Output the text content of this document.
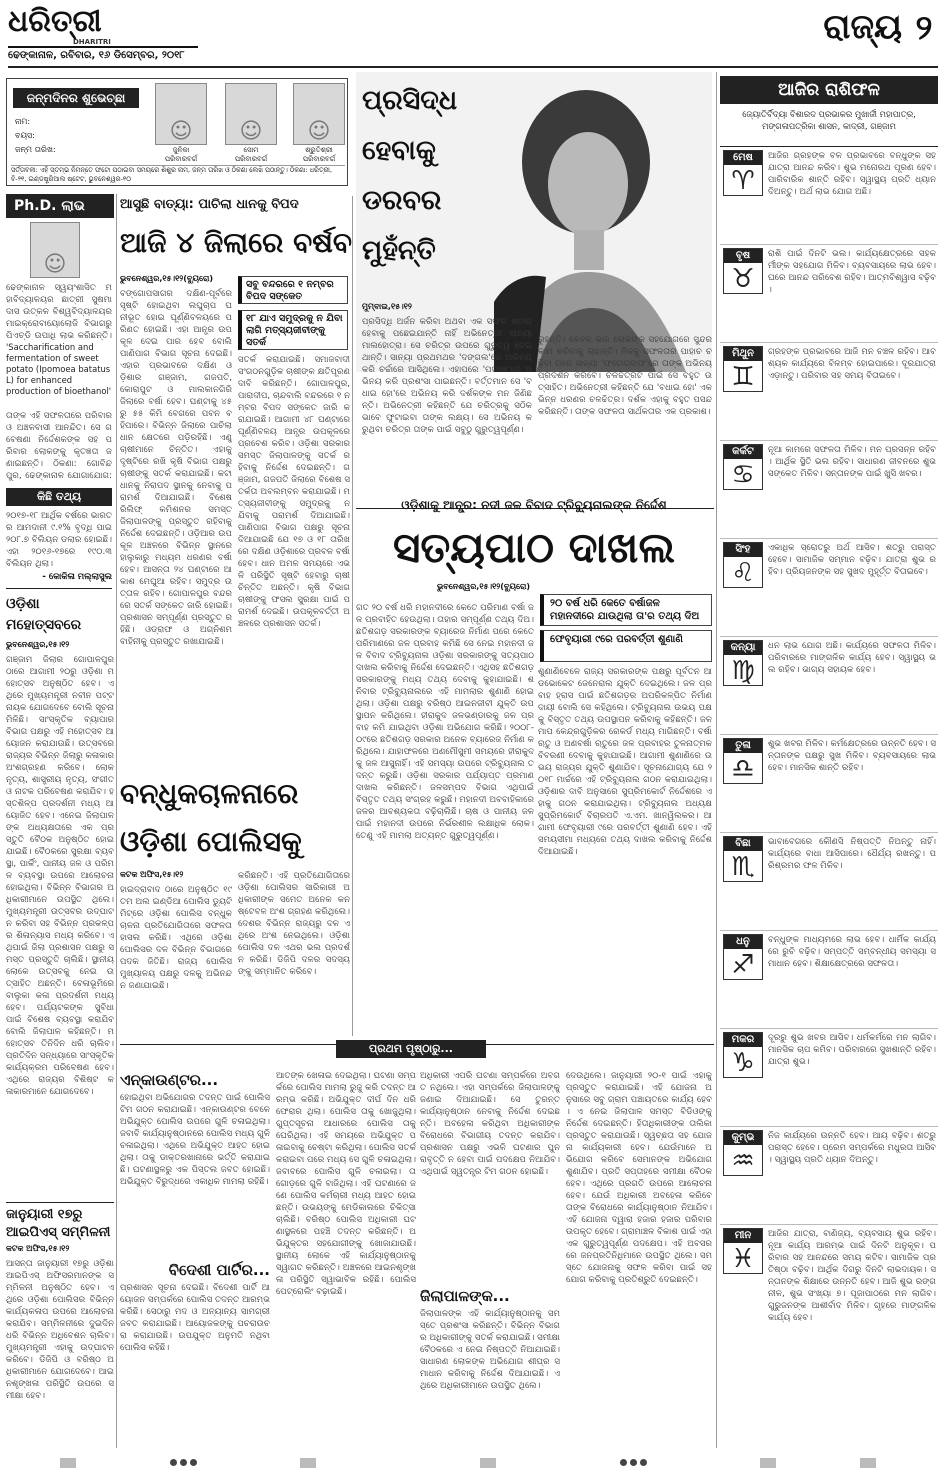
ଧରିତ୍ରୀ
DHARITRI
ଢେଙ୍କାନାଳ, ରବିବାର, ୧୬ ଡିସେମ୍ବର, ୨୦୧୮
ରାଜ୍ୟ ୨
ଜନ୍ମଦିନର ଶୁଭେଚ୍ଛା
ନାମ:
ବୟସ:
ଜନ୍ମ ତାରିଖ:
☺ ☺ ☺
ଜୁନିକା
ପରିବାରବର୍ଗ
ସୋମ
ପରିବାରବର୍ଗ
ଶ୍ରୁତିଶ୍ରୀ
ପରିବାରବର୍ଗ
ସର୍ତ୍ତାବଳୀ: ଏହି ସ୍ତମ୍ଭ ନିମନ୍ତେ ଫଟୋ ପଠାଇବା ସମୟରେ ଶିଶୁର ନାମ, ଜନ୍ମ ତାରିଖ ଓ ଠିକଣା ଲେଖି ପଠାନ୍ତୁ। ଠିକଣା: ଧରିତ୍ରୀ, ବି-୨୧, ଇଣ୍ଡଷ୍ଟ୍ରିଆଲ ଷ୍ଟେଟ, ଭୁବନେଶ୍ୱର-୧୦
Ph.D. ଲାଭ
☺
ଢେଙ୍କାନାଳ ସ୍ୱୟଂଶାସିତ ମହାବିଦ୍ୟାଳୟର ଛାତ୍ରୀ ସୁଷମା ଦାସ ଉତ୍କଳ ବିଶ୍ୱବିଦ୍ୟାଳୟର ମାଇକ୍ରୋବାୟୋଲୋଜି ବିଭାଗରୁ ପିଏଚ୍‌ଡି ଉପାଧି ଲାଭ କରିଛନ୍ତି।
'Saccharification and fermentation of sweet potato (Ipomoea batatus L) for enhanced production of bioethanol'
ତାଙ୍କ ଏହି ସଫଳତାରେ ପରିବାର ଓ ଅଞ୍ଚଳବାସୀ ଆନନ୍ଦିତ। ସେ ଗବେଷଣା ନିର୍ଦ୍ଦେଶକଙ୍କ ସହ ପରିବାର ଲୋକଙ୍କୁ କୃତଜ୍ଞତା ଜଣାଇଛନ୍ତି। ଠିକଣା: ଗୋବିନ୍ଦପୁର, ଢେଙ୍କାନାଳ ଯୋଗାଯୋଗ:
କିଛି ତଥ୍ୟ
୨୦୧୭-୧୮ ଆର୍ଥିକ ବର୍ଷରେ ଭାରତର ଆମଦାନୀ ୯.୧% ବୃଦ୍ଧି ପାଇ ୨୦୮.୭ ବିଲିୟନ ଡଲାର ହୋଇଛି। ଏହା ୨୦୧୬-୧୭ରେ ୧୯୦.୩ ବିଲିୟନ ଥିଲା।
- କୋକିଳା ମଲ୍ଲାସୁଲ
ଓଡ଼ିଶା ମହୋତ୍ସବରେ
ଭୁବନେଶ୍ୱର,୧୫।୧୨
ଗଞ୍ଜାମ ଜିଲାର ଗୋପାଳପୁରଠାରେ ଆଗାମୀ ୨୦ରୁ ଓଡ଼ିଶା ମହୋତ୍ସବ ଅନୁଷ୍ଠିତ ହେବ। ଏଥିରେ ମୁଖ୍ୟମନ୍ତ୍ରୀ ନବୀନ ପଟ୍ଟନାୟକ ଯୋଗଦେବେ ବୋଲି ସୂଚନା ମିଳିଛି। ସାଂସ୍କୃତିକ ବ୍ୟାପାର ବିଭାଗ ପକ୍ଷରୁ ଏହି ମହୋତ୍ସବ ଆୟୋଜନ କରାଯାଉଛି। ଉତ୍ସବରେ ରାଜ୍ୟର ବିଭିନ୍ନ ଜିଲାରୁ କଳାକାର ଅଂଶଗ୍ରହଣ କରିବେ। ଲୋକନୃତ୍ୟ, ଶାସ୍ତ୍ରୀୟ ନୃତ୍ୟ, ସଂଗୀତ ଓ ନାଟକ ପରିବେଷଣ କରାଯିବ। ହସ୍ତଶିଳ୍ପ ପ୍ରଦର୍ଶନୀ ମଧ୍ୟ ଆୟୋଜିତ ହେବ। ଏନେଇ ଜିଲାପାଳଙ୍କ ଅଧ୍ୟକ୍ଷତାରେ ଏକ ପ୍ରସ୍ତୁତି ବୈଠକ ଅନୁଷ୍ଠିତ ହୋଇଯାଇଛି। ବୈଠକରେ ସୁରକ୍ଷା ବ୍ୟବସ୍ଥା, ପାର୍କିଂ, ପାନୀୟ ଜଳ ଓ ପରିମଳ ବ୍ୟବସ୍ଥା ଉପରେ ଆଲୋଚନା ହୋଇଥିଲା। ବିଭିନ୍ନ ବିଭାଗର ଅଧିକାରୀମାନେ ଉପସ୍ଥିତ ଥିଲେ। ମୁଖ୍ୟମନ୍ତ୍ରୀ ଉତ୍ସବର ଉଦ୍‌ଘାଟନ କରିବା ସହ ବିଭିନ୍ନ ପ୍ରକଳ୍ପର ଶିଳାନ୍ୟାସ ମଧ୍ୟ କରିବେ। ଏଥିପାଇଁ ଜିଲା ପ୍ରଶାସନ ପକ୍ଷରୁ ସମସ୍ତ ପ୍ରସ୍ତୁତି ଚାଲିଛି। ସ୍ଥାନୀୟ ଲୋକେ ଉତ୍ସବକୁ ନେଇ ଉତ୍ସାହିତ ଅଛନ୍ତି। ବେଳାଭୂମିରେ ବାଲୁକା କଳା ପ୍ରଦର୍ଶନୀ ମଧ୍ୟ ହେବ। ପର୍ଯ୍ୟଟକଙ୍କ ସୁବିଧା ପାଇଁ ବିଶେଷ ବ୍ୟବସ୍ଥା କରାଯିବ ବୋଲି ଜିଲାପାଳ କହିଛନ୍ତି। ମହୋତ୍ସବ ତିନିଦିନ ଧରି ଚାଲିବ। ପ୍ରତିଦିନ ସନ୍ଧ୍ୟାରେ ସାଂସ୍କୃତିକ କାର୍ଯ୍ୟକ୍ରମ ପରିବେଷଣ ହେବ। ଏଥିରେ ରାଜ୍ୟର ବିଶିଷ୍ଟ କଳାକାରମାନେ ଯୋଗଦେବେ।
ଜାନୁୟାରୀ ୧୭ରୁ ଆଇପିଏସ୍ ସମ୍ମିଳନୀ
କଟକ ଅଫିସ,୧୫।୧୨
ଆସନ୍ତା ଜାନୁୟାରୀ ୧୭ରୁ ଓଡ଼ିଶା ଆଇପିଏସ୍ ଅଫିସରମାନଙ୍କ ସମ୍ମିଳନୀ ଅନୁଷ୍ଠିତ ହେବ। ଏଥିରେ ଓଡ଼ିଶା ପୋଲିସର ବିଭିନ୍ନ କାର୍ଯ୍ୟକଳାପ ଉପରେ ଆଲୋଚନା କରାଯିବ। ସମ୍ମିଳନୀରେ ଦୁଇଦିନ ଧରି ବିଭିନ୍ନ ଅଧିବେଶନ ଚାଲିବ। ମୁଖ୍ୟମନ୍ତ୍ରୀ ଏହାକୁ ଉଦ୍‌ଘାଟନ କରିବେ। ଡିଜିପି ଓ ବରିଷ୍ଠ ଅଧିକାରୀମାନେ ଯୋଗଦେବେ। ଆଇନଶୃଙ୍ଖଳା ପରିସ୍ଥିତି ଉପରେ ସମୀକ୍ଷା ହେବ।
ଆସୁଛି ବାତ୍ୟା: ପାଚିଲା ଧାନକୁ ବିପଦ
ଆଜି ୪ ଜିଲାରେ ବର୍ଷବ
ଭୁବନେଶ୍ୱର,୧୫।୧୨(ବ୍ୟୁରୋ)
ବଙ୍ଗୋପସାଗର ଦକ୍ଷିଣ-ପୂର୍ବରେ ସୃଷ୍ଟି ହୋଇଥିବା ଲଘୁଚାପ ଘନୀଭୂତ ହୋଇ ଘୂର୍ଣ୍ଣିବଳୟରେ ପରିଣତ ହୋଇଛି। ଏହା ଆନ୍ଧ୍ର ଉପକୂଳ ଦେଇ ପାର ହେବ ବୋଲି ପାଣିପାଗ ବିଭାଗ ସୂଚନା ଦେଇଛି। ଏହାର ପ୍ରଭାବରେ ଦକ୍ଷିଣ ଓଡ଼ିଶାର ଗଞ୍ଜାମ, ଗଜପତି, କୋରାପୁଟ ଓ ମାଲକାନଗିରି ଜିଲାରେ ବର୍ଷା ହେବ। ଘଣ୍ଟାକୁ ୪୫ ରୁ ୫୫ କିମି ବେଗରେ ପବନ ବହିପାରେ। ବିଭିନ୍ନ ଜିଲାରେ ପାଚିଲା ଧାନ କ୍ଷେତରେ ପଡ଼ିରହିଛି। ଏଣୁ ଚାଷୀମାନେ ଚିନ୍ତିତ। ଏହାକୁ ଦୃଷ୍ଟିରେ ରଖି କୃଷି ବିଭାଗ ପକ୍ଷରୁ ଚାଷୀଙ୍କୁ ସତର୍କ କରାଯାଇଛି। କଟା ଧାନକୁ ନିରାପଦ ସ୍ଥାନକୁ ନେବାକୁ ପରାମର୍ଶ ଦିଆଯାଇଛି। ବିଶେଷ ରିଲିଫ୍ କମିଶନର ସମସ୍ତ ଜିଲାପାଳଙ୍କୁ ପ୍ରସ୍ତୁତ ରହିବାକୁ ନିର୍ଦ୍ଦେଶ ଦେଇଛନ୍ତି। ଓଡ଼ିଆର ଉପକୂଳ ଅଞ୍ଚଳରେ ବିଭିନ୍ନ ସ୍ଥାନରେ ହାଲୁକାରୁ ମଧ୍ୟମ ଧରଣର ବର୍ଷା ହେବ। ଆସନ୍ତା ୨୪ ଘଣ୍ଟାରେ ଆକାଶ ମେଘୁଆ ରହିବ। ସମୁଦ୍ର ଉତ୍ତାଳ ରହିବ। ଗୋପାଳପୁର ବନ୍ଦରରେ ସତର୍କ ସଙ୍କେତ ଜାରି ହୋଇଛି। ପ୍ରଶାସନ ସମ୍ପୂର୍ଣ୍ଣ ପ୍ରସ୍ତୁତ ରହିଛି। ଓଡ୍ରାଫ ଓ ଅଗ୍ନିଶମ ବାହିନୀକୁ ପ୍ରସ୍ତୁତ ରଖାଯାଇଛି।
ସବୁ ବନ୍ଦରରେ ୧ ନମ୍ବର ବିପଦ ସଙ୍କେତ
୧୮ ଯାଏ ସମୁଦ୍ରକୁ ନ ଯିବା ଲାଗି ମତ୍ସ୍ୟଜୀବୀଙ୍କୁ ସତର୍କ
ସତର୍କ କରାଯାଇଛି। ସମାଜବାଦୀ ସଂଗଠନଗୁଡ଼ିକ ଚାଷୀଙ୍କ କ୍ଷତିପୂରଣ ଦାବି କରିଛନ୍ତି। ଗୋପାଳପୁର, ପାରାଦୀପ, ଚାନ୍ଦବାଲି ବନ୍ଦରରେ ୧ ନମ୍ବର ବିପଦ ସଙ୍କେତ ଜାରି କରାଯାଇଛି। ଆଗାମୀ ୪୮ ଘଣ୍ଟାରେ ଘୂର୍ଣ୍ଣିବଳୟ ଆନ୍ଧ୍ର ଉପକୂଳରେ ପ୍ରବେଶ କରିବ। ଓଡ଼ିଶା ସରକାର ସମସ୍ତ ଜିଲାପାଳଙ୍କୁ ସତର୍କ ରହିବାକୁ ନିର୍ଦ୍ଦେଶ ଦେଇଛନ୍ତି। ଗଞ୍ଜାମ, ଗଜପତି ଜିଲାରେ ବିଶେଷ ସତର୍କତା ଅବଲମ୍ବନ କରାଯାଇଛି। ମତ୍ସ୍ୟଜୀବୀଙ୍କୁ ସମୁଦ୍ରକୁ ନ ଯିବାକୁ ପରାମର୍ଶ ଦିଆଯାଇଛି। ପାଣିପାଗ ବିଭାଗ ପକ୍ଷରୁ ସୂଚନା ଦିଆଯାଇଛି ଯେ ୧୭ ଓ ୧୮ ତାରିଖରେ ଦକ୍ଷିଣ ଓଡ଼ିଶାରେ ପ୍ରବଳ ବର୍ଷା ହେବ। ଧାନ ଅମଳ ସମୟରେ ଏଭଳି ପରିସ୍ଥିତି ସୃଷ୍ଟି ହେବାରୁ ଚାଷୀ ଚିନ୍ତିତ ଅଛନ୍ତି। କୃଷି ବିଭାଗ ଚାଷୀଙ୍କୁ ଫସଲ ସୁରକ୍ଷା ପାଇଁ ପରାମର୍ଶ ଦେଇଛି। ଉପକୂଳବର୍ତ୍ତୀ ଅଞ୍ଚଳରେ ପ୍ରଶାସନ ସତର୍କ।
ପ୍ରସିଦ୍ଧ ହେବାକୁ ଡରବର ମୁହଁନ୍ତି
ମୁମ୍ବାଇ,୧୫।୧୨
ପ୍ରସିଦ୍ଧି ଅର୍ଜନ କରିବା ଅଥବା ଏକ ସଫଳ ଷ୍ଟାର୍ ହେବାକୁ ପଛେଇଯାନ୍ତି ନାହିଁ ଅଭିନେତ୍ରୀ ସାନ୍ୟା ମାଲହୋତ୍ରା। ସେ ଚରିତ୍ର ଉପରେ ଗୁରୁତ୍ୱ ଦେଇଥାନ୍ତି। ସାନ୍ୟା ପ୍ରଥମଥର 'ଦଙ୍ଗଲ'ରେ ଅଭିନୟ କରି ଚର୍ଚ୍ଚାରେ ଆସିଥିଲେ। ଏହାପରେ 'ପଟାଖା'ରେ ଅଭିନୟ କରି ପ୍ରଶଂସା ପାଇଛନ୍ତି। ବର୍ତ୍ତମାନ ସେ 'ବଧାଇ ହୋ'ରେ ଅଭିନୟ କରି ଦର୍ଶକଙ୍କ ମନ ଜିଣିଛନ୍ତି। ଅଭିନେତ୍ରୀ କହିଛନ୍ତି ଯେ ଚରିତ୍ରକୁ ସଠିକ ଭାବେ ଫୁଟାଇବା ତାଙ୍କ ଲକ୍ଷ୍ୟ। ସେ ଅଭିନୟ କରୁଥିବା ଚରିତ୍ର ତାଙ୍କ ପାଇଁ ସବୁଠୁ ଗୁରୁତ୍ୱପୂର୍ଣ୍ଣ।
ରୁହନ୍ତି। କେବଳ ଭଲ ଲୋକଙ୍କ ସହଯୋଗରେ ସୁନ୍ଦର କାମ କରିବାକୁ ଚାହାନ୍ତି। ନିଜକୁ ସଫଳତାର ପାହାଚ ଚଢ଼ିବା ପରେ ସାନ୍ୟା 'ଫଟୋଗ୍ରାଫ'ରେ ତାଙ୍କ ଅଭିନୟ ପ୍ରଦର୍ଶନ କରିବେ। ଚଳଚ୍ଚିତ୍ରଟି ପାଇଁ ସେ ବହୁତ ଉତ୍ସାହିତ। ଅଭିନେତ୍ରୀ କହିଛନ୍ତି ଯେ 'ବଧାଇ ହୋ' ଏକ ଭିନ୍ନ ଧରଣର ଚଳଚ୍ଚିତ୍ର। ଦର୍ଶକ ଏହାକୁ ବହୁତ ପସନ୍ଦ କରିଛନ୍ତି। ତାଙ୍କ ସଫଳତା ସାର୍ଥକତାର ଏକ ପ୍ରକାଶ।
ଓଡ଼ିଶାକୁ ଆନ୍ଧ୍ର: ନଦୀ ଜଳ ବିବାଦ ଟ୍ରିବ୍ୟୁନାଲଙ୍କ ନିର୍ଦ୍ଦେଶ
ସତ୍ୟପାଠ ଦାଖଲ
ଭୁବନେଶ୍ୱର,୧୫।୧୨(ବ୍ୟୁରୋ)
୨୦ ବର୍ଷ ଧରି କେତେ ବର୍ଷାଜଳ ମହାନଦୀରେ ଯାଉଥିଲା ତା'ର ତଥ୍ୟ ଦିଅ
ଫେବୃୟାରୀ ୯ରେ ପରବର୍ତ୍ତୀ ଶୁଣାଣି
ଗତ ୨୦ ବର୍ଷ ଧରି ମହାନଦୀରେ କେତେ ପରିମାଣ ବର୍ଷା ଜଳ ପ୍ରବାହିତ ହେଉଥିଲା। ତାହାର ସମ୍ପୂର୍ଣ୍ଣ ତଥ୍ୟ ଦିଅ। ଛତିଶଗଡ଼ ସରକାରଙ୍କ ବ୍ୟାରେଜ ନିର୍ମାଣ ପରେ କେତେ ପରିମାଣରେ ଜଳ ପ୍ରବାହ କମିଛି ସେ ନେଇ ମହାନଦୀ ଜଳ ବିବାଦ ଟ୍ରିବ୍ୟୁନାଲ ଓଡ଼ିଶା ସରକାରଙ୍କୁ ସତ୍ୟପାଠ ଦାଖଲ କରିବାକୁ ନିର୍ଦ୍ଦେଶ ଦେଇଛନ୍ତି। ଏଥିସହ ଛତିଶଗଡ଼ ସରକାରଙ୍କୁ ମଧ୍ୟ ତଥ୍ୟ ଦେବାକୁ କୁହାଯାଇଛି। ଶନିବାର ଟ୍ରିବ୍ୟୁନାଲରେ ଏହି ମାମଲାର ଶୁଣାଣି ହୋଇଥିଲା। ଓଡ଼ିଶା ପକ୍ଷରୁ ବରିଷ୍ଠ ଆଇନଜୀବୀ ଯୁକ୍ତି ଉପସ୍ଥାପନ କରିଥିଲେ। ହୀରାକୁଦ ଜଳଭଣ୍ଡାରକୁ ଜଳ ପ୍ରବାହ କମି ଯାଇଥିବା ଓଡ଼ିଶା ଅଭିଯୋଗ କରିଛି। ୨୦୦୮-୦୯ରେ ଛତିଶଗଡ଼ ସରକାର ଅନେକ ବ୍ୟାରେଜ ନିର୍ମାଣ କରିଥିଲେ। ଯାହାଫଳରେ ଅଣମୌସୁମୀ ସମୟରେ ହୀରାକୁଦକୁ ଜଳ ଆସୁନାହିଁ। ଏହି ସମସ୍ୟା ଉପରେ ଟ୍ରିବ୍ୟୁନାଲ ତଦନ୍ତ କରୁଛି। ଓଡ଼ିଶା ସରକାର ପର୍ଯ୍ୟାପ୍ତ ପ୍ରମାଣ ଦାଖଲ କରିଛନ୍ତି। ଜଳସମ୍ପଦ ବିଭାଗ ଏଥିପାଇଁ ବିସ୍ତୃତ ତଥ୍ୟ ସଂଗ୍ରହ କରୁଛି। ମହାନଦୀ ଅବବାହିକାରେ ଜଳର ଆବଶ୍ୟକତା ବଢ଼ିଚାଲିଛି। ଚାଷ ଓ ପାନୀୟ ଜଳ ପାଇଁ ମହାନଦୀ ଉପରେ ନିର୍ଭରଶୀଳ ଲକ୍ଷାଧିକ ଲୋକ। ତେଣୁ ଏହି ମାମଲା ଅତ୍ୟନ୍ତ ଗୁରୁତ୍ୱପୂର୍ଣ୍ଣ।
ଶୁଣାଣିବେଳେ ରାଜ୍ୟ ସରକାରଙ୍କ ପକ୍ଷରୁ ପୂର୍ବତନ ଆଡଭୋକେଟ ଜେନେରାଲ ଯୁକ୍ତି ଦେଇଥିଲେ। ଜଳ ପ୍ରବାହ ହ୍ରାସ ପାଇଁ ଛତିଶଗଡ଼ର ଅପରିକଳ୍ପିତ ନିର୍ମାଣ ଦାୟୀ ବୋଲି ସେ କହିଥିଲେ। ଟ୍ରିବ୍ୟୁନାଲ ଉଭୟ ପକ୍ଷକୁ ବିସ୍ତୃତ ତଥ୍ୟ ଉପସ୍ଥାପନ କରିବାକୁ କହିଛନ୍ତି। ଜଳ ମାପ କେନ୍ଦ୍ରଗୁଡ଼ିକର ରେକର୍ଡ ମଧ୍ୟ ମାଗିଛନ୍ତି। ବର୍ଷା ଋତୁ ଓ ଅଣବର୍ଷା ଋତୁରେ ଜଳ ପ୍ରବାହର ତୁଳନାତ୍ମକ ବିବରଣୀ ଦେବାକୁ କୁହାଯାଇଛି। ଆଗାମୀ ଶୁଣାଣିରେ ଉଭୟ ରାଜ୍ୟର ଯୁକ୍ତି ଶୁଣାଯିବ। ସୂଚନାଯୋଗ୍ୟ ଯେ ୨୦୧୮ ମାର୍ଚ୍ଚରେ ଏହି ଟ୍ରିବ୍ୟୁନାଲ ଗଠନ କରାଯାଇଥିଲା। ଓଡ଼ିଶାର ଦାବି ଅନୁସାରେ ସୁପ୍ରିମକୋର୍ଟ ନିର୍ଦ୍ଦେଶରେ ଏହାକୁ ଗଠନ କରାଯାଇଥିଲା। ଟ୍ରିବ୍ୟୁନାଲ ଅଧ୍ୟକ୍ଷ ସୁପ୍ରିମକୋର୍ଟ ବିଚାରପତି ଏ.ଏମ. ଖାନୱିଲକର। ଆଗାମୀ ଫେବୃୟାରୀ ୯ରେ ପରବର୍ତ୍ତୀ ଶୁଣାଣି ହେବ। ଏହି ସମୟସୀମା ମଧ୍ୟରେ ତଥ୍ୟ ଦାଖଲ କରିବାକୁ ନିର୍ଦ୍ଦେଶ ଦିଆଯାଇଛି।
ବନ୍ଧୁକଚାଳନାରେ ଓଡ଼ିଶା ପୋଲିସକୁ
କଟକ ଅଫିସ,୧୫।୧୨
ହାଇଦ୍ରାବାଦ ଠାରେ ଅନୁଷ୍ଠିତ ୧୯ତମ ଅଲ ଇଣ୍ଡିଆ ପୋଲିସ ଡ୍ୟୁଟି ମିଟ୍‌ରେ ଓଡ଼ିଶା ପୋଲିସ ବନ୍ଧୁକଚାଳନା ପ୍ରତିଯୋଗିତାରେ ସଫଳତା ହାସଲ କରିଛି। ଏଥିରେ ଓଡ଼ିଶା ପୋଲିସର ଦଳ ବିଭିନ୍ନ ବିଭାଗରେ ପଦକ ଜିତିଛି। ରାଜ୍ୟ ପୋଲିସ ମୁଖ୍ୟାଳୟ ପକ୍ଷରୁ ଦଳକୁ ଅଭିନନ୍ଦନ ଜଣାଯାଇଛି।
କରିଛନ୍ତି। ଏହି ପ୍ରତିଯୋଗିତାରେ ଓଡ଼ିଶା ପୋଲିସର ସାରିକାରୀ ଅଧିକାରୀଙ୍କ ସମେତ ଅନେକ କନଷ୍ଟେବଳ ଅଂଶ ଗ୍ରହଣ କରିଥିଲେ। ଦେଶର ବିଭିନ୍ନ ରାଜ୍ୟରୁ ଦଳ ଏଥିରେ ଅଂଶ ନେଇଥିଲେ। ଓଡ଼ିଶା ପୋଲିସ ଦଳ ଏଥର ଭଲ ପ୍ରଦର୍ଶନ କରିଛି। ଡିଜିପି ଦଳର ସଦସ୍ୟଙ୍କୁ ସମ୍ମାନିତ କରିବେ।
ପ୍ରଥମ ପୃଷ୍ଠାରୁ...
ଏନ୍‌କାଉଣ୍ଟର...
ହୋଇଥିବା ଅଭିଯୋଗର ତଦନ୍ତ ପାଇଁ ପୋଲିସ ଟିମ ଗଠନ କରାଯାଇଛି। ଏନ୍‌କାଉଣ୍ଟର ବେଳେ ଅଭିଯୁକ୍ତ ପୋଲିସ ଉପରେ ଗୁଳି ଚଳାଇଥିଲା। ଜବାବି କାର୍ଯ୍ୟାନୁଷ୍ଠାନରେ ପୋଲିସ ମଧ୍ୟ ଗୁଳି ଚଳାଇଥିଲା। ଏଥିରେ ଅଭିଯୁକ୍ତ ଆହତ ହୋଇଥିଲା। ତାକୁ ଡାକ୍ତରଖାନାରେ ଭର୍ତ୍ତି କରାଯାଇଛି। ଘଟଣାସ୍ଥଳରୁ ଏକ ପିସ୍ତଲ ଜବତ ହୋଇଛି। ଅଭିଯୁକ୍ତ ବିରୁଦ୍ଧରେ ଏକାଧିକ ମାମଲା ରହିଛି।
ବିଦେଶୀ ପାର୍ଟିର...
ପ୍ରଶାସନ ସୂଚନା ଦେଇଛି। ବିଦେଶୀ ପାର୍ଟି ଆୟୋଜନ ସମ୍ପର୍କରେ ପୋଲିସ ତଦନ୍ତ ଆରମ୍ଭ କରିଛି। ସେଠାରୁ ମଦ ଓ ଅନ୍ୟାନ୍ୟ ସାମଗ୍ରୀ ଜବତ କରାଯାଇଛି। ଆୟୋଜକଙ୍କୁ ପଚରାଉଚରା କରାଯାଉଛି। ଉପଯୁକ୍ତ ଅନୁମତି ନଥିବା ପୋଲିସ କହିଛି।
ଆତଙ୍କ ଖେଳାଇ ଦେଇଥିଲା। ଘଟଣା ସମ୍ପର୍କରେ ପୋଲିସ ମାମଲା ରୁଜୁ କରି ତଦନ୍ତ ଆରମ୍ଭ କରିଛି। ଅଭିଯୁକ୍ତ ଦୀର୍ଘ ଦିନ ଧରି ଫେରାର ଥିଲା। ପୋଲିସ ତାକୁ ଖୋଜୁଥିଲା। ଗୁପ୍ତସୂଚନା ଆଧାରରେ ପୋଲିସ ତାକୁ ଘେରିଥିଲା। ଏହି ସମୟରେ ଅଭିଯୁକ୍ତ ପଳାଇବାକୁ ଚେଷ୍ଟା କରିଥିଲା। ପୋଲିସ ସତର୍କ କରାଇବା ପରେ ମଧ୍ୟ ସେ ଗୁଳି ଚଳାଇଥିଲା। ଜବାବରେ ପୋଲିସ ଗୁଳି ଚଳାଇଲା। ତା ଗୋଡ଼ରେ ଗୁଳି ବାଜିଥିଲା। ଏହି ଘଟଣାରେ ଜଣେ ପୋଲିସ କର୍ମଚାରୀ ମଧ୍ୟ ଆହତ ହୋଇଛନ୍ତି। ଉଭୟଙ୍କୁ ମେଡିକାଲରେ ଚିକିତ୍ସା ଚାଲିଛି। ବରିଷ୍ଠ ପୋଲିସ ଅଧିକାରୀ ଘଟଣାସ୍ଥଳରେ ପହଞ୍ଚି ତଦନ୍ତ କରିଛନ୍ତି। ଅଭିଯୁକ୍ତର ସହଯୋଗୀଙ୍କୁ ଖୋଜାଯାଉଛି। ସ୍ଥାନୀୟ ଲୋକେ ଏହି କାର୍ଯ୍ୟାନୁଷ୍ଠାନକୁ ସ୍ୱାଗତ କରିଛନ୍ତି। ଅଞ୍ଚଳରେ ଆଇନଶୃଙ୍ଖଳା ପରିସ୍ଥିତି ସ୍ୱାଭାବିକ ରହିଛି। ପୋଲିସ ପେଟ୍ରୋଲିଂ ବଢ଼ାଇଛି।
ଅଧିକାରୀ ଏପରି ଘଟଣା ସମ୍ପର୍କରେ ଅବଗତ ନଥିଲେ। ଏହା ସମ୍ପର୍କରେ ଜିଲାପାଳଙ୍କୁ ଜଣାଇ ଦିଆଯାଇଛି। ସେ ତୁରନ୍ତ କାର୍ଯ୍ୟାନୁଷ୍ଠାନ ନେବାକୁ ନିର୍ଦ୍ଦେଶ ଦେଇଛନ୍ତି। ଅବହେଳା କରିଥିବା ଅଧିକାରୀଙ୍କ ବିରୋଧରେ ବିଭାଗୀୟ ତଦନ୍ତ କରାଯିବ। ପ୍ରଶାସନ ପକ୍ଷରୁ ଏଭଳି ଘଟଣାର ପୁନରାବୃତ୍ତି ନ ହେବା ପାଇଁ ପଦକ୍ଷେପ ନିଆଯିବ। ଏଥିପାଇଁ ସ୍ୱତନ୍ତ୍ର ଟିମ ଗଠନ ହୋଇଛି।
ଜିଲାପାଳଙ୍କ...
ଜିଲାପାଳଙ୍କ ଏହି କାର୍ଯ୍ୟାନୁଷ୍ଠାନକୁ ସମସ୍ତେ ପ୍ରଶଂସା କରିଛନ୍ତି। ବିଭିନ୍ନ ବିଭାଗର ଅଧିକାରୀଙ୍କୁ ସତର୍କ କରାଯାଇଛି। ସମୀକ୍ଷା ବୈଠକରେ ଏ ନେଇ ନିଷ୍ପତ୍ତି ନିଆଯାଇଛି। ସାଧାରଣ ଲୋକଙ୍କ ଅଭିଯୋଗ ଶୀଘ୍ର ସମାଧାନ କରିବାକୁ ନିର୍ଦ୍ଦେଶ ଦିଆଯାଇଛି। ଏଥିରେ ଅଧିକାରୀମାନେ ଉପସ୍ଥିତ ଥିଲେ।
ଦେଉଥିଲେ। ଜାନୁୟାରୀ ୨୦-୧ ପାଇଁ ଏହାକୁ ପ୍ରସ୍ତୁତ କରାଯାଇଛି। ଏହି ଯୋଜନା ଅନୁସାରେ ସବୁ ଗ୍ରାମ ପଞ୍ଚାୟତରେ କାର୍ଯ୍ୟ ହେବ। ଏ ନେଇ ଜିଲାପାଳ ସମସ୍ତ ବିଡିଓଙ୍କୁ ନିର୍ଦ୍ଦେଶ ଦେଇଛନ୍ତି। ହିତାଧିକାରୀଙ୍କ ତାଲିକା ପ୍ରସ୍ତୁତ କରାଯାଉଛି। ସ୍ୱଚ୍ଛତା ସହ ଯୋଜନା କାର୍ଯ୍ୟକାରୀ ହେବ। ଯେଉଁମାନେ ଅଭିଯୋଗ କରିବେ ସେମାନଙ୍କ ଅଭିଯୋଗ ଶୁଣାଯିବ। ପ୍ରତି ସପ୍ତାହରେ ସମୀକ୍ଷା ବୈଠକ ହେବ। ଏଥିରେ ପ୍ରଗତି ଉପରେ ଆଲୋଚନା ହେବ। ଯେଉଁ ଅଧିକାରୀ ଅବହେଳା କରିବେ ତାଙ୍କ ବିରୋଧରେ କାର୍ଯ୍ୟାନୁଷ୍ଠାନ ନିଆଯିବ। ଏହି ଯୋଜନା ଦ୍ୱାରା ହଜାର ହଜାର ପରିବାର ଉପକୃତ ହେବେ। ଗ୍ରାମାଞ୍ଚଳ ବିକାଶ ପାଇଁ ଏହା ଏକ ଗୁରୁତ୍ୱପୂର୍ଣ୍ଣ ପଦକ୍ଷେପ। ଏହି ଅବସରରେ ଜନପ୍ରତିନିଧିମାନେ ଉପସ୍ଥିତ ଥିଲେ। ସମସ୍ତେ ଯୋଜନାକୁ ସଫଳ କରିବା ପାଇଁ ସହଯୋଗ କରିବାକୁ ପ୍ରତିଶ୍ରୁତି ଦେଇଛନ୍ତି।
ଆଜିର ରାଶିଫଳ
ଜ୍ୟୋତିର୍ବିଦ୍ୟା ବିଶାରଦ ପ୍ରଭାକର ମୁଖାର୍ଜୀ ମହାପାତ୍ର, ମଙ୍ଗଳାପତ୍ରିକା ଶାସନ, କାଦ୍ରୀ, ଗଞ୍ଜାମ
ମେଷ
♈
ଆଜିର ଗ୍ରହଙ୍କ ବଳ ପ୍ରଭାବରେ ବନ୍ଧୁଙ୍କ ସହ ଯାତ୍ରା ଆନନ୍ଦ କରିବ। ଶୁଭ ମନୋରଥ ପୂରଣ ହେବ। ପାରିବାରିକ ଶାନ୍ତି ରହିବ। ସ୍ୱାସ୍ଥ୍ୟ ପ୍ରତି ଧ୍ୟାନ ଦିଅନ୍ତୁ। ଅର୍ଥ ଲାଭ ଯୋଗ ଅଛି।
ବୃଷ
♉
ରାଶି ପାଇଁ ଦିନଟି ଭଲ। କାର୍ଯ୍ୟକ୍ଷେତ୍ରରେ ସହକର୍ମୀଙ୍କ ସହଯୋଗ ମିଳିବ। ବ୍ୟବସାୟରେ ଲାଭ ହେବ। ଘରେ ଆନନ୍ଦ ପରିବେଶ ରହିବ। ଆତ୍ମବିଶ୍ୱାସ ବଢ଼ିବ।
ମିଥୁନ
♊
ଗ୍ରହଙ୍କ ପ୍ରଭାବରେ ଆଜି ମନ ଚଞ୍ଚଳ ରହିବ। ଆବଶ୍ୟକ କାର୍ଯ୍ୟରେ ବିଳମ୍ବ ହୋଇପାରେ। ଦୂରଯାତ୍ରା ଏଡ଼ାନ୍ତୁ। ପରିବାର ସହ ସମୟ ବିତାଇବେ।
କର୍କଟ
♋
ନୂଆ କାମରେ ସଫଳତା ମିଳିବ। ମନ ପ୍ରସନ୍ନ ରହିବ। ଆର୍ଥିକ ସ୍ଥିତି ଭଲ ରହିବ। ସାଧାରଣ ଜୀବନରେ ଶୁଭ ସଙ୍କେତ ମିଳିବ। ସନ୍ତାନଙ୍କ ପାଇଁ ଖୁସି ଖବର।
ସିଂହ
♌
ଏକାଧିକ ସ୍ରୋତରୁ ଅର୍ଥ ଆସିବ। ଶତ୍ରୁ ପରାସ୍ତ ହେବେ। ସାମାଜିକ ସମ୍ମାନ ବଢ଼ିବ। ଯାତ୍ରା ଶୁଭ ରହିବ। ପ୍ରିୟଜନଙ୍କ ସହ ସୁଖଦ ମୁହୂର୍ତ୍ତ ବିତାଇବେ।
କନ୍ୟା
♍
ଧନ ଲାଭ ଯୋଗ ଅଛି। କାର୍ଯ୍ୟରେ ସଫଳତା ମିଳିବ। ପରିବାରରେ ମାଙ୍ଗଳିକ କାର୍ଯ୍ୟ ହେବ। ସ୍ୱାସ୍ଥ୍ୟ ଭଲ ରହିବ। ଭାଗ୍ୟ ସହାୟକ ହେବ।
ତୁଳା
♎
ଶୁଭ ଖବର ମିଳିବ। କର୍ମକ୍ଷେତ୍ରରେ ଉନ୍ନତି ହେବ। ସନ୍ତାନଙ୍କ ପକ୍ଷରୁ ସୁଖ ମିଳିବ। ବ୍ୟବସାୟରେ ଲାଭ ହେବ। ମାନସିକ ଶାନ୍ତି ରହିବ।
ବିଛା
♏
ଭାବାବେଗରେ କୌଣସି ନିଷ୍ପତ୍ତି ନିଅନ୍ତୁ ନାହିଁ। କାର୍ଯ୍ୟରେ ବାଧା ଆସିପାରେ। ଧୈର୍ଯ୍ୟ ରଖନ୍ତୁ। ପରିଶ୍ରମର ଫଳ ମିଳିବ।
ଧନୁ
♐
ବନ୍ଧୁଙ୍କ ମାଧ୍ୟମରେ ଲାଭ ହେବ। ଧାର୍ମିକ କାର୍ଯ୍ୟରେ ରୁଚି ବଢ଼ିବ। ସମ୍ପତ୍ତି ସମ୍ବନ୍ଧୀୟ ସମସ୍ୟା ସମାଧାନ ହେବ। ଶିକ୍ଷାକ୍ଷେତ୍ରରେ ସଫଳତା।
ମକର
♑
ଦୂରରୁ ଶୁଭ ଖବର ଆସିବ। ଧର୍ମକର୍ମରେ ମନ ଲାଗିବ। ମାନସିକ ଚାପ କମିବ। ପରିବାରରେ ସୁଖଶାନ୍ତି ରହିବ। ଯାତ୍ରା ଶୁଭ।
କୁମ୍ଭ
♒
ନିଜ କାର୍ଯ୍ୟରେ ଉନ୍ନତି ହେବ। ଆୟ ବଢ଼ିବ। ଶତ୍ରୁ ପରାସ୍ତ ହେବେ। ପ୍ରେମ ସମ୍ପର୍କରେ ମଧୁରତା ଆସିବ। ସ୍ୱାସ୍ଥ୍ୟ ପ୍ରତି ଧ୍ୟାନ ଦିଅନ୍ତୁ।
ମୀନ
♓
ଆଜିର ଯାତ୍ରା, ବାଣିଜ୍ୟ, ବ୍ୟବସାୟ ଶୁଭ ରହିବ। ନୂଆ କାର୍ଯ୍ୟ ଆରମ୍ଭ ପାଇଁ ଦିନଟି ଅନୁକୂଳ। ପରିବାର ସହ ଆନନ୍ଦରେ ସମୟ କଟିବ। ସାମାଜିକ ପ୍ରତିଷ୍ଠା ବଢ଼ିବ। ଆର୍ଥିକ ଦିଗରୁ ଦିନଟି ଲାଭଦାୟକ। ସନ୍ତାନଙ୍କ ଶିକ୍ଷାରେ ଉନ୍ନତି ହେବ। ଆଜି ଶୁଭ ରଙ୍ଗ ନୀଳ, ଶୁଭ ସଂଖ୍ୟା ୭। ପୂଜାପାଠରେ ମନ ଲାଗିବ। ଗୁରୁଜନଙ୍କ ଆଶୀର୍ବାଦ ମିଳିବ। ଗୃହରେ ମାଙ୍ଗଳିକ କାର୍ଯ୍ୟ ହେବ।
